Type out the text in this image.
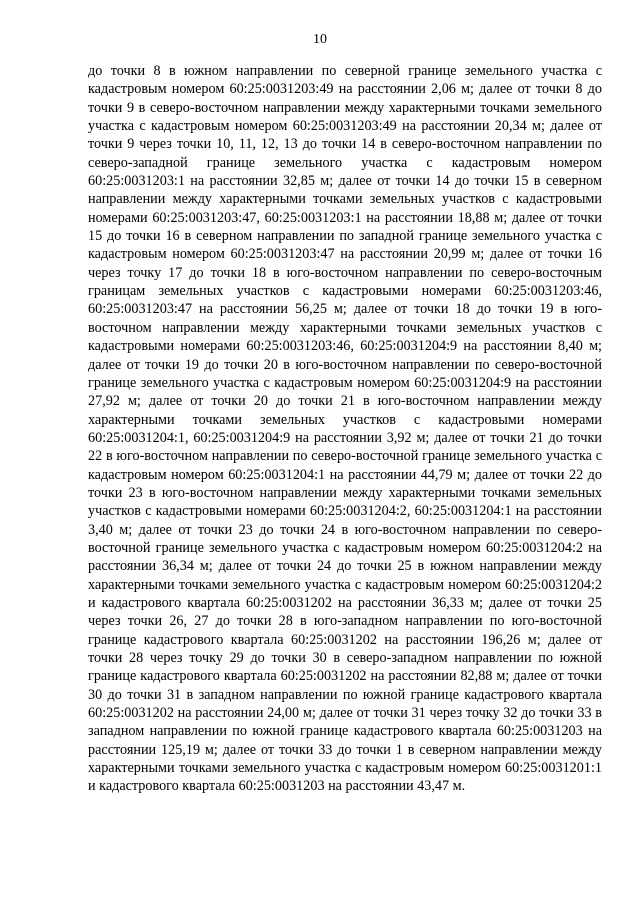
10

до точки 8 в южном направлении по северной границе земельного участка с кадастровым номером 60:25:0031203:49 на расстоянии 2,06 м; далее от точки 8 до точки 9 в северо-восточном направлении между характерными точками земельного участка с кадастровым номером 60:25:0031203:49 на расстоянии 20,34 м; далее от точки 9 через точки 10, 11, 12, 13 до точки 14 в северо-восточном направлении по северо-западной границе земельного участка с кадастровым номером 60:25:0031203:1 на расстоянии 32,85 м; далее от точки 14 до точки 15 в северном направлении между характерными точками земельных участков с кадастровыми номерами 60:25:0031203:47, 60:25:0031203:1 на расстоянии 18,88 м; далее от точки 15 до точки 16 в северном направлении по западной границе земельного участка с кадастровым номером 60:25:0031203:47 на расстоянии 20,99 м; далее от точки 16 через точку 17 до точки 18 в юго-восточном направлении по северо-восточным границам земельных участков с кадастровыми номерами 60:25:0031203:46, 60:25:0031203:47 на расстоянии 56,25 м; далее от точки 18 до точки 19 в юго-восточном направлении между характерными точками земельных участков с кадастровыми номерами 60:25:0031203:46, 60:25:0031204:9 на расстоянии 8,40 м; далее от точки 19 до точки 20 в юго-восточном направлении по северо-восточной границе земельного участка с кадастровым номером 60:25:0031204:9 на расстоянии 27,92 м; далее от точки 20 до точки 21 в юго-восточном направлении между характерными точками земельных участков с кадастровыми номерами 60:25:0031204:1, 60:25:0031204:9 на расстоянии 3,92 м; далее от точки 21 до точки 22 в юго-восточном направлении по северо-восточной границе земельного участка с кадастровым номером 60:25:0031204:1 на расстоянии 44,79 м; далее от точки 22 до точки 23 в юго-восточном направлении между характерными точками земельных участков с кадастровыми номерами 60:25:0031204:2, 60:25:0031204:1 на расстоянии 3,40 м; далее от точки 23 до точки 24 в юго-восточном направлении по северо-восточной границе земельного участка с кадастровым номером 60:25:0031204:2 на расстоянии 36,34 м; далее от точки 24 до точки 25 в южном направлении между характерными точками земельного участка с кадастровым номером 60:25:0031204:2 и кадастрового квартала 60:25:0031202 на расстоянии 36,33 м; далее от точки 25 через точки 26, 27 до точки 28 в юго-западном направлении по юго-восточной границе кадастрового квартала 60:25:0031202 на расстоянии 196,26 м; далее от точки 28 через точку 29 до точки 30 в северо-западном направлении по южной границе кадастрового квартала 60:25:0031202 на расстоянии 82,88 м; далее от точки 30 до точки 31 в западном направлении по южной границе кадастрового квартала 60:25:0031202 на расстоянии 24,00 м; далее от точки 31 через точку 32 до точки 33 в западном направлении по южной границе кадастрового квартала 60:25:0031203 на расстоянии 125,19 м; далее от точки 33 до точки 1 в северном направлении между характерными точками земельного участка с кадастровым номером 60:25:0031201:1 и кадастрового квартала 60:25:0031203 на расстоянии 43,47 м.
